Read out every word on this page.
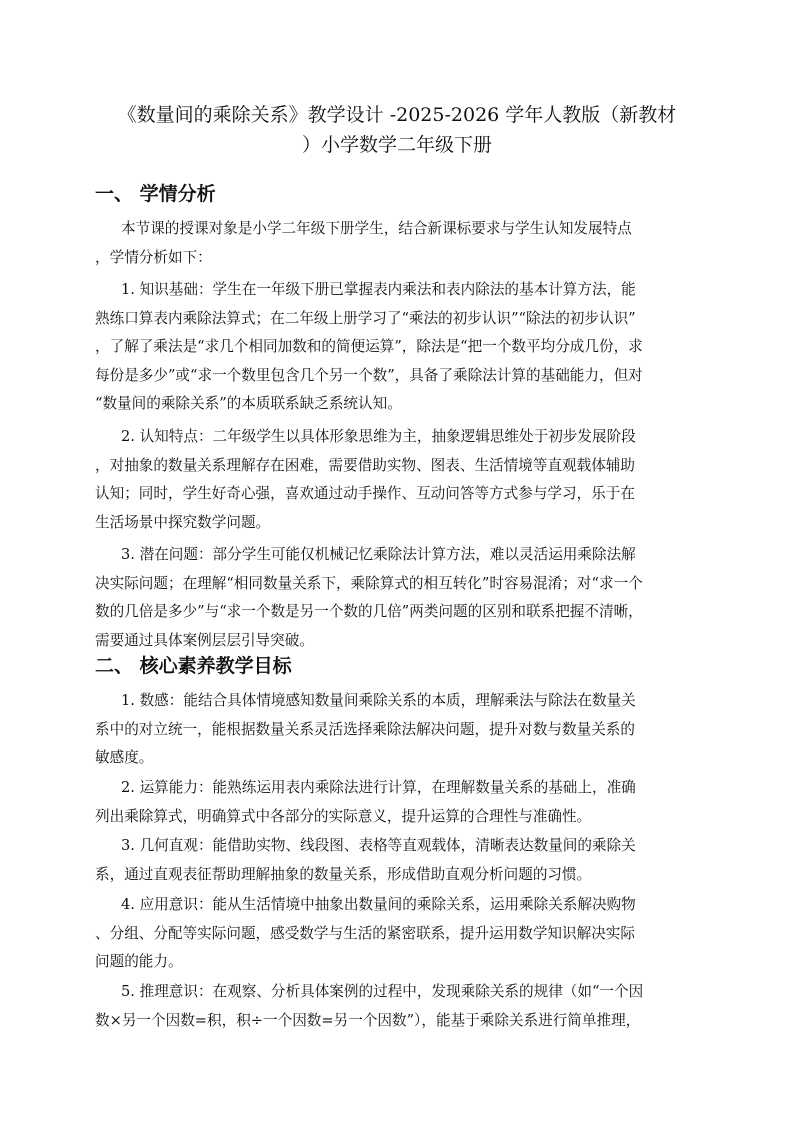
《数量间的乘除关系》教学设计 -2025-2026 学年人教版（新教材
）小学数学二年级下册
一、 学情分析

本节课的授课对象是小学二年级下册学生，结合新课标要求与学生认知发展特点
，学情分析如下：

1. 知识基础：学生在一年级下册已掌握表内乘法和表内除法的基本计算方法，能
熟练口算表内乘除法算式；在二年级上册学习了“乘法的初步认识”“除法的初步认识”
，了解了乘法是“求几个相同加数和的简便运算”，除法是“把一个数平均分成几份，求
每份是多少”或“求一个数里包含几个另一个数”，具备了乘除法计算的基础能力，但对
“数量间的乘除关系”的本质联系缺乏系统认知。

2. 认知特点：二年级学生以具体形象思维为主，抽象逻辑思维处于初步发展阶段
，对抽象的数量关系理解存在困难，需要借助实物、图表、生活情境等直观载体辅助
认知；同时，学生好奇心强，喜欢通过动手操作、互动问答等方式参与学习，乐于在
生活场景中探究数学问题。

3. 潜在问题：部分学生可能仅机械记忆乘除法计算方法，难以灵活运用乘除法解
决实际问题；在理解“相同数量关系下，乘除算式的相互转化”时容易混淆；对“求一个
数的几倍是多少”与“求一个数是另一个数的几倍”两类问题的区别和联系把握不清晰，
需要通过具体案例层层引导突破。

二、 核心素养教学目标

1. 数感：能结合具体情境感知数量间乘除关系的本质，理解乘法与除法在数量关
系中的对立统一，能根据数量关系灵活选择乘除法解决问题，提升对数与数量关系的
敏感度。

2. 运算能力：能熟练运用表内乘除法进行计算，在理解数量关系的基础上，准确
列出乘除算式，明确算式中各部分的实际意义，提升运算的合理性与准确性。

3. 几何直观：能借助实物、线段图、表格等直观载体，清晰表达数量间的乘除关
系，通过直观表征帮助理解抽象的数量关系，形成借助直观分析问题的习惯。

4. 应用意识：能从生活情境中抽象出数量间的乘除关系，运用乘除关系解决购物
、分组、分配等实际问题，感受数学与生活的紧密联系，提升运用数学知识解决实际
问题的能力。

5. 推理意识：在观察、分析具体案例的过程中，发现乘除关系的规律（如“一个因
数×另一个因数=积，积÷一个因数=另一个因数”），能基于乘除关系进行简单推理，
